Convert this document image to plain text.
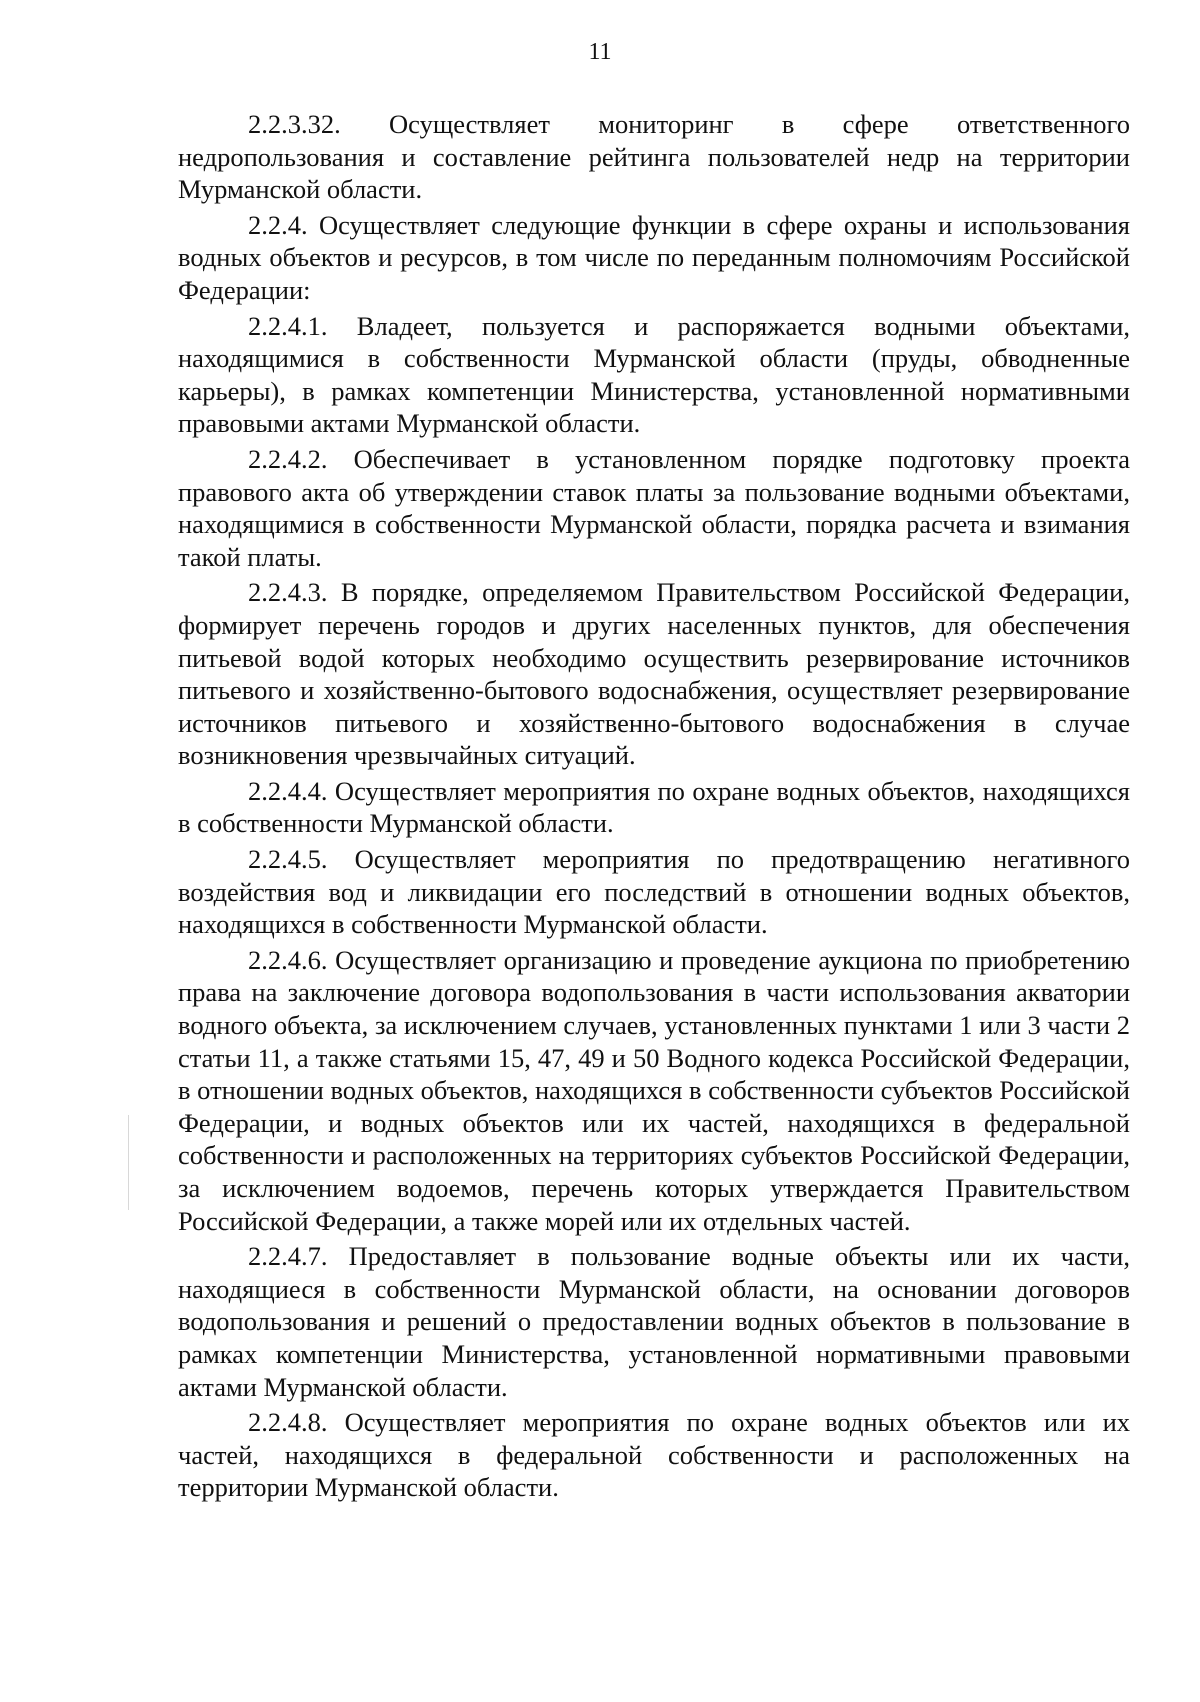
11

2.2.3.32. Осуществляет мониторинг в сфере ответственного недропользования и составление рейтинга пользователей недр на территории Мурманской области.

2.2.4. Осуществляет следующие функции в сфере охраны и использования водных объектов и ресурсов, в том числе по переданным полномочиям Российской Федерации:

2.2.4.1. Владеет, пользуется и распоряжается водными объектами, находящимися в собственности Мурманской области (пруды, обводненные карьеры), в рамках компетенции Министерства, установленной нормативными правовыми актами Мурманской области.

2.2.4.2. Обеспечивает в установленном порядке подготовку проекта правового акта об утверждении ставок платы за пользование водными объектами, находящимися в собственности Мурманской области, порядка расчета и взимания такой платы.

2.2.4.3. В порядке, определяемом Правительством Российской Федерации, формирует перечень городов и других населенных пунктов, для обеспечения питьевой водой которых необходимо осуществить резервирование источников питьевого и хозяйственно-бытового водоснабжения, осуществляет резервирование источников питьевого и хозяйственно-бытового водоснабжения в случае возникновения чрезвычайных ситуаций.

2.2.4.4. Осуществляет мероприятия по охране водных объектов, находящихся в собственности Мурманской области.

2.2.4.5. Осуществляет мероприятия по предотвращению негативного воздействия вод и ликвидации его последствий в отношении водных объектов, находящихся в собственности Мурманской области.

2.2.4.6. Осуществляет организацию и проведение аукциона по приобретению права на заключение договора водопользования в части использования акватории водного объекта, за исключением случаев, установленных пунктами 1 или 3 части 2 статьи 11, а также статьями 15, 47, 49 и 50 Водного кодекса Российской Федерации, в отношении водных объектов, находящихся в собственности субъектов Российской Федерации, и водных объектов или их частей, находящихся в федеральной собственности и расположенных на территориях субъектов Российской Федерации, за исключением водоемов, перечень которых утверждается Правительством Российской Федерации, а также морей или их отдельных частей.

2.2.4.7. Предоставляет в пользование водные объекты или их части, находящиеся в собственности Мурманской области, на основании договоров водопользования и решений о предоставлении водных объектов в пользование в рамках компетенции Министерства, установленной нормативными правовыми актами Мурманской области.

2.2.4.8. Осуществляет мероприятия по охране водных объектов или их частей, находящихся в федеральной собственности и расположенных на территории Мурманской области.
